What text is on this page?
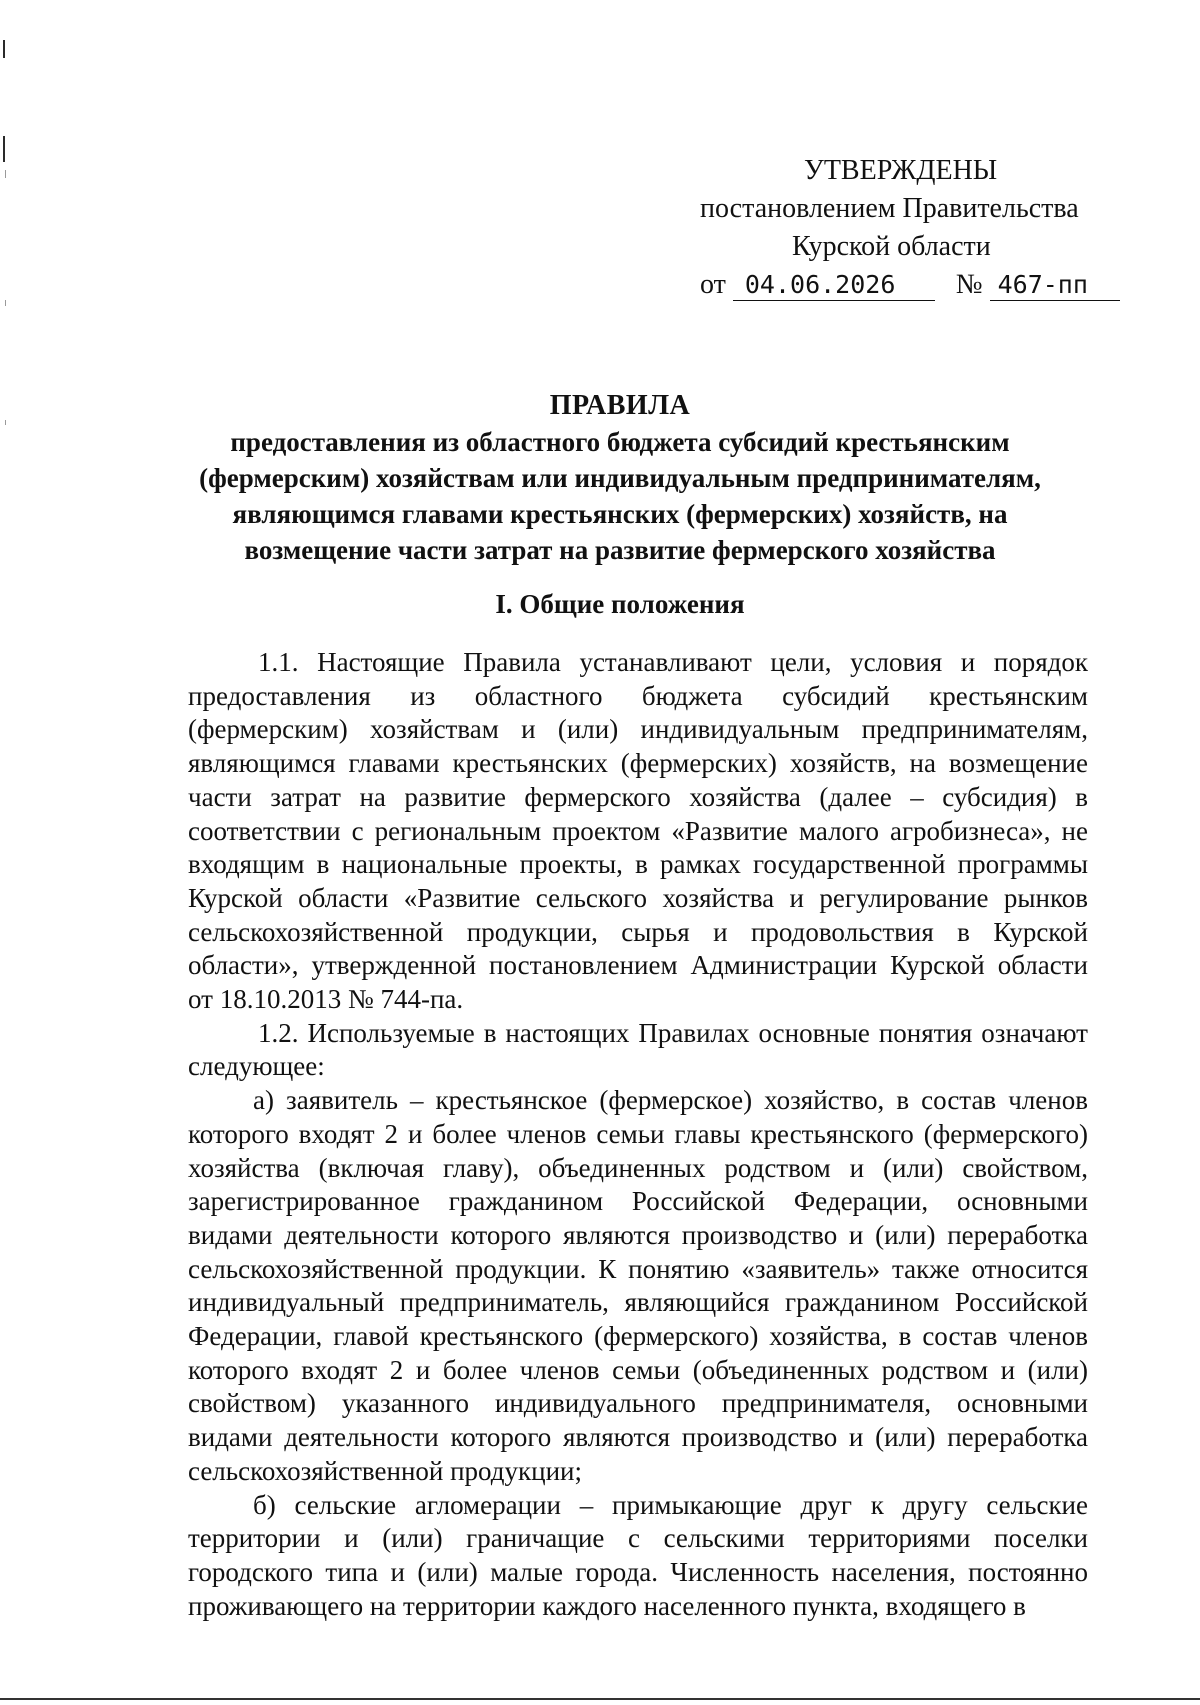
УТВЕРЖДЕНЫ
постановлением Правительства
Курской области
от 04.06.2026 № 467-пп
ПРАВИЛА
предоставления из областного бюджета субсидий крестьянским
(фермерским) хозяйствам или индивидуальным предпринимателям,
являющимся главами крестьянских (фермерских) хозяйств, на
возмещение части затрат на развитие фермерского хозяйства
I. Общие положения

1.1. Настоящие Правила устанавливают цели, условия и порядок предоставления из областного бюджета субсидий крестьянским (фермерским) хозяйствам и (или) индивидуальным предпринимателям, являющимся главами крестьянских (фермерских) хозяйств, на возмещение части затрат на развитие фермерского хозяйства (далее – субсидия) в соответствии с региональным проектом «Развитие малого агробизнеса», не входящим в национальные проекты, в рамках государственной программы Курской области «Развитие сельского хозяйства и регулирование рынков сельскохозяйственной продукции, сырья и продовольствия в Курской области», утвержденной постановлением Администрации Курской области от 18.10.2013 № 744-па.

1.2. Используемые в настоящих Правилах основные понятия означают следующее:

а) заявитель – крестьянское (фермерское) хозяйство, в состав членов которого входят 2 и более членов семьи главы крестьянского (фермерского) хозяйства (включая главу), объединенных родством и (или) свойством, зарегистрированное гражданином Российской Федерации, основными видами деятельности которого являются производство и (или) переработка сельскохозяйственной продукции. К понятию «заявитель» также относится индивидуальный предприниматель, являющийся гражданином Российской Федерации, главой крестьянского (фермерского) хозяйства, в состав членов которого входят 2 и более членов семьи (объединенных родством и (или) свойством) указанного индивидуального предпринимателя, основными видами деятельности которого являются производство и (или) переработка сельскохозяйственной продукции;

б) сельские агломерации – примыкающие друг к другу сельские территории и (или) граничащие с сельскими территориями поселки городского типа и (или) малые города. Численность населения, постоянно проживающего на территории каждого населенного пункта, входящего в
